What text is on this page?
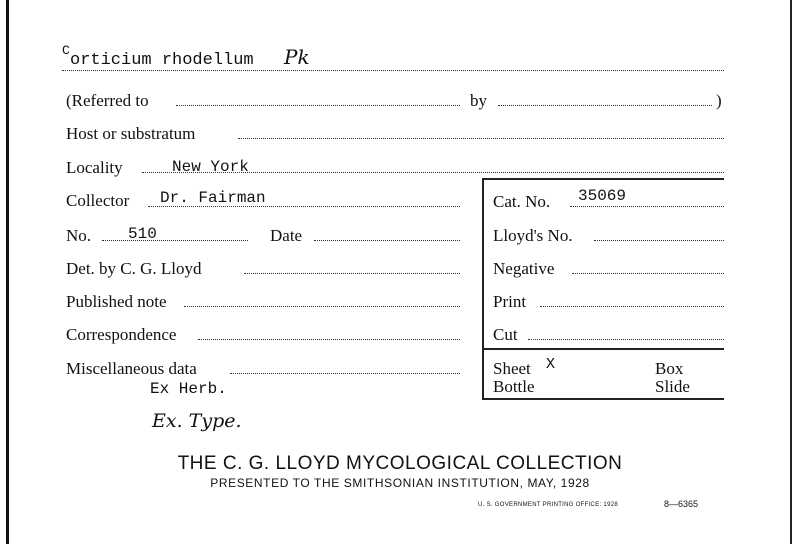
C
orticium rhodellum Pk
(Referred to	by	)
Host or substratum
Locality	New York
Collector Dr. Fairman
No. 510	Date
Det. by C. G. Lloyd
Published note
Correspondence
Miscellaneous data
Ex Herb.
Ex. Type.
Cat. No. 35069
Lloyd's No.
Negative
Print
Cut
Sheet X	Box
Bottle	Slide
THE C. G. LLOYD MYCOLOGICAL COLLECTION
PRESENTED TO THE SMITHSONIAN INSTITUTION, MAY, 1928
U. S. GOVERNMENT PRINTING OFFICE: 1928	8—6365
